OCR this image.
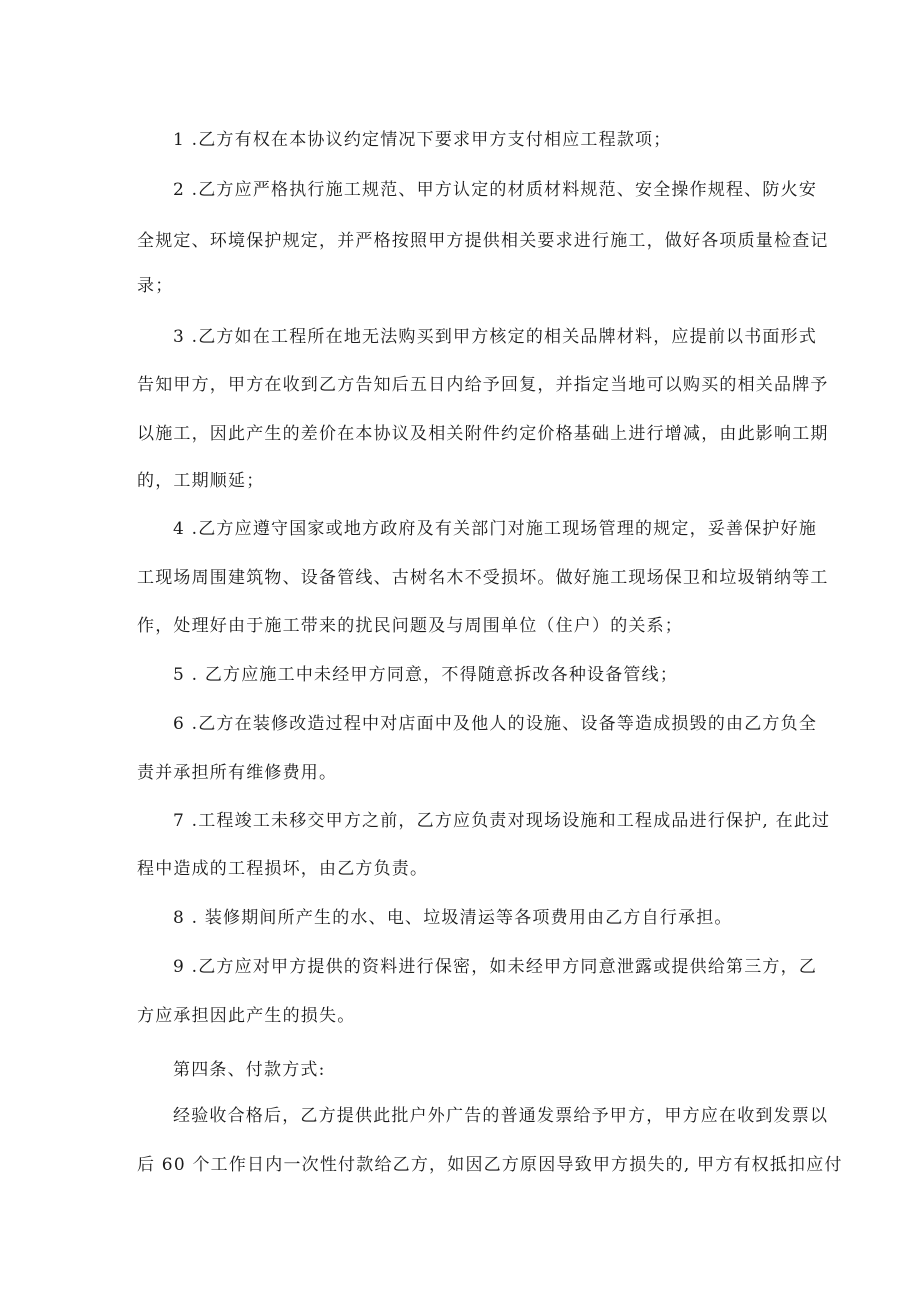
1 .乙方有权在本协议约定情况下要求甲方支付相应工程款项；
2 .乙方应严格执行施工规范、甲方认定的材质材料规范、安全操作规程、防火安
全规定、环境保护规定，并严格按照甲方提供相关要求进行施工，做好各项质量检查记
录；
3 .乙方如在工程所在地无法购买到甲方核定的相关品牌材料，应提前以书面形式
告知甲方，甲方在收到乙方告知后五日内给予回复，并指定当地可以购买的相关品牌予
以施工，因此产生的差价在本协议及相关附件约定价格基础上进行增减，由此影响工期
的，工期顺延；
4 .乙方应遵守国家或地方政府及有关部门对施工现场管理的规定，妥善保护好施
工现场周围建筑物、设备管线、古树名木不受损坏。做好施工现场保卫和垃圾销纳等工
作，处理好由于施工带来的扰民问题及与周围单位（住户）的关系；
5 . 乙方应施工中未经甲方同意，不得随意拆改各种设备管线；
6 .乙方在装修改造过程中对店面中及他人的设施、设备等造成损毁的由乙方负全
责并承担所有维修费用。
7 .工程竣工未移交甲方之前，乙方应负责对现场设施和工程成品进行保护, 在此过
程中造成的工程损坏，由乙方负责。
8 . 装修期间所产生的水、电、垃圾清运等各项费用由乙方自行承担。
9 .乙方应对甲方提供的资料进行保密，如未经甲方同意泄露或提供给第三方，乙
方应承担因此产生的损失。
第四条、付款方式:
经验收合格后，乙方提供此批户外广告的普通发票给予甲方，甲方应在收到发票以
后 60 个工作日内一次性付款给乙方，如因乙方原因导致甲方损失的, 甲方有权抵扣应付
